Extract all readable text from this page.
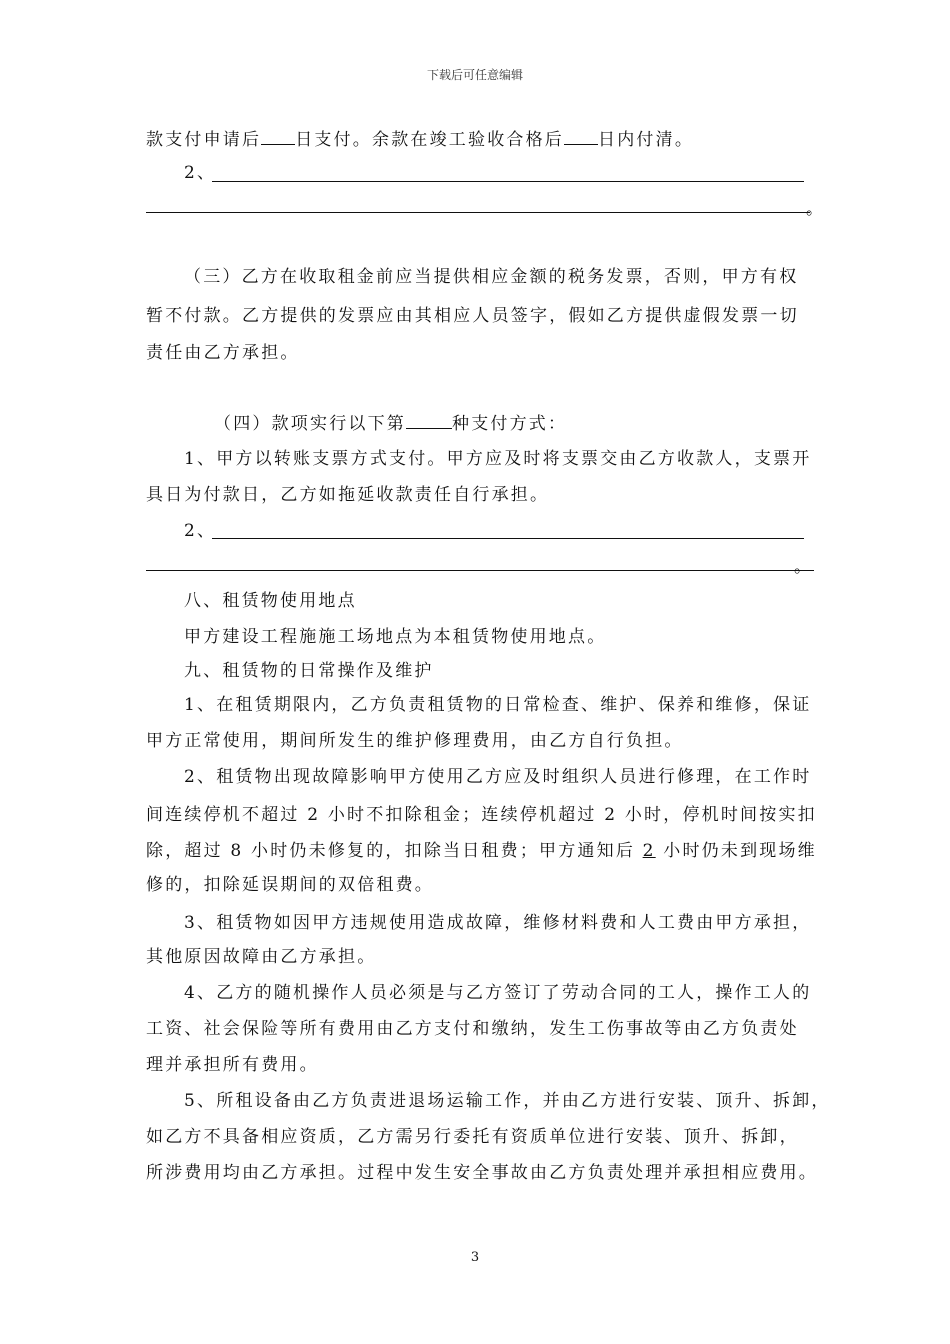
下载后可任意编辑
款支付申请后 日支付。余款在竣工验收合格后 日内付清。
2、
。
（三）乙方在收取租金前应当提供相应金额的税务发票，否则，甲方有权
暂不付款。乙方提供的发票应由其相应人员签字，假如乙方提供虚假发票一切
责任由乙方承担。
（四）款项实行以下第	种支付方式：
1、甲方以转账支票方式支付。甲方应及时将支票交由乙方收款人，支票开
具日为付款日，乙方如拖延收款责任自行承担。
2、
。
八、租赁物使用地点
甲方建设工程施施工场地点为本租赁物使用地点。
九、租赁物的日常操作及维护
1、在租赁期限内，乙方负责租赁物的日常检查、维护、保养和维修，保证
甲方正常使用，期间所发生的维护修理费用，由乙方自行负担。
2、租赁物出现故障影响甲方使用乙方应及时组织人员进行修理，在工作时
间连续停机不超过 2 小时不扣除租金；连续停机超过 2 小时，停机时间按实扣
除，超过 8 小时仍未修复的，扣除当日租费；甲方通知后 2 小时仍未到现场维
修的，扣除延误期间的双倍租费。
3、租赁物如因甲方违规使用造成故障，维修材料费和人工费由甲方承担，
其他原因故障由乙方承担。
4、乙方的随机操作人员必须是与乙方签订了劳动合同的工人，操作工人的
工资、社会保险等所有费用由乙方支付和缴纳，发生工伤事故等由乙方负责处
理并承担所有费用。
5、所租设备由乙方负责进退场运输工作，并由乙方进行安装、顶升、拆卸，
如乙方不具备相应资质，乙方需另行委托有资质单位进行安装、顶升、拆卸，
所涉费用均由乙方承担。过程中发生安全事故由乙方负责处理并承担相应费用。
3
